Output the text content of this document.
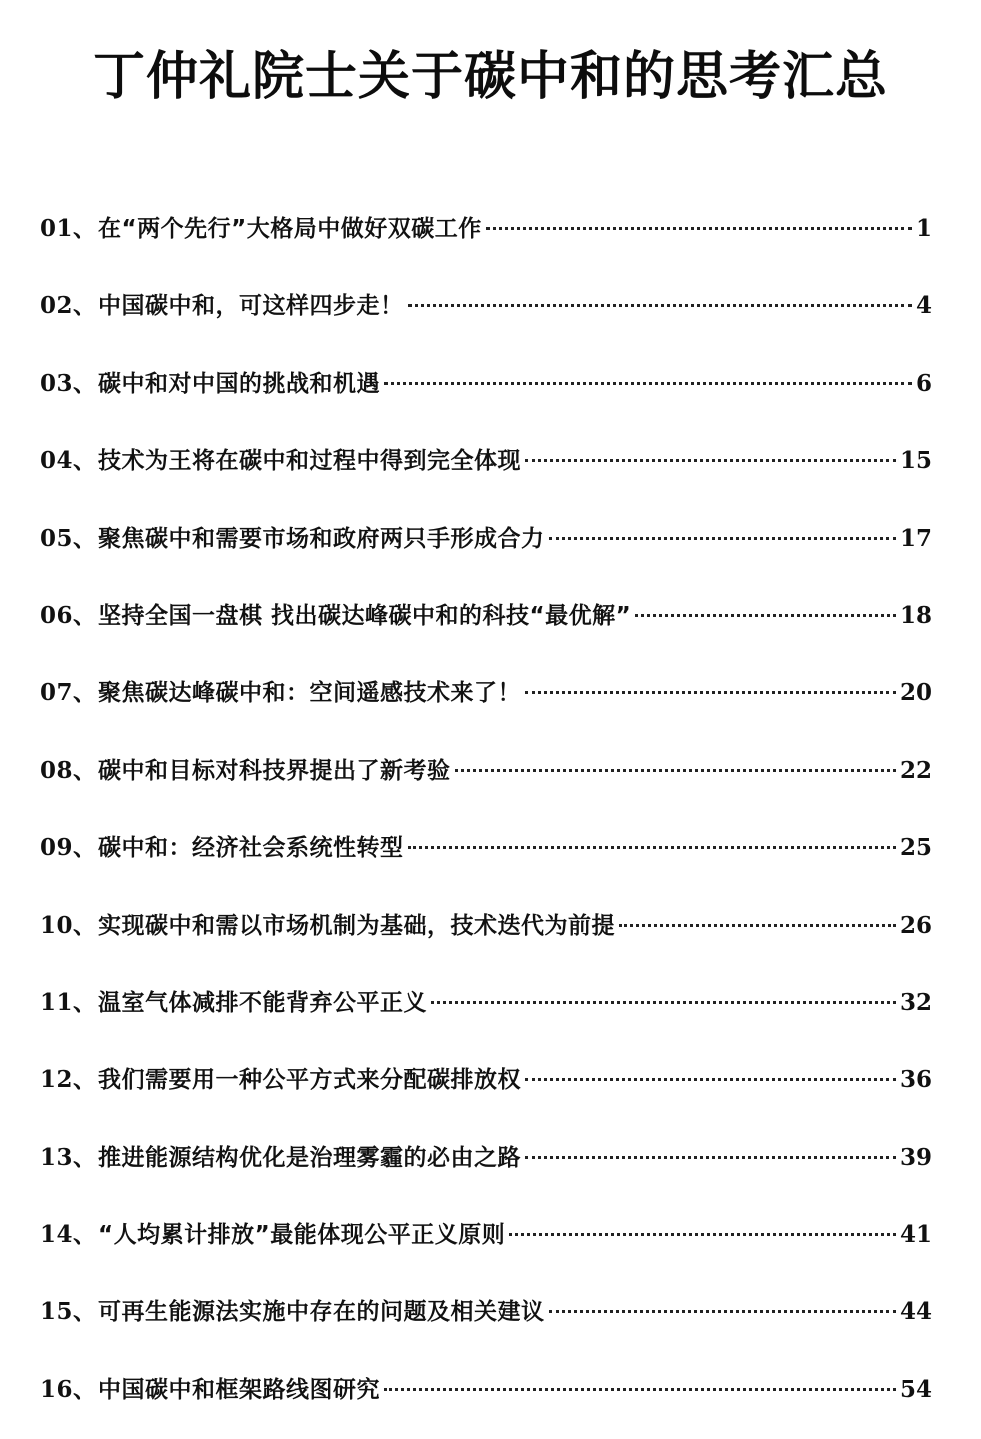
丁仲礼院士关于碳中和的思考汇总
01 、 在“两个先行”大格局中做好双碳工作	1
02 、 中国碳中和，可这样四步走！	4
03 、 碳中和对中国的挑战和机遇	6
04 、 技术为王将在碳中和过程中得到完全体现	15
05 、 聚焦碳中和需要市场和政府两只手形成合力	17
06 、 坚持全国一盘棋 找出碳达峰碳中和的科技“最优解”	18
07 、 聚焦碳达峰碳中和：空间遥感技术来了！	20
08 、 碳中和目标对科技界提出了新考验	22
09 、 碳中和：经济社会系统性转型	25
10 、 实现碳中和需以市场机制为基础，技术迭代为前提	26
11 、 温室气体减排不能背弃公平正义	32
12 、 我们需要用一种公平方式来分配碳排放权	36
13 、 推进能源结构优化是治理雾霾的必由之路	39
14 、 “人均累计排放”最能体现公平正义原则	41
15 、 可再生能源法实施中存在的问题及相关建议	44
16 、 中国碳中和框架路线图研究	54
